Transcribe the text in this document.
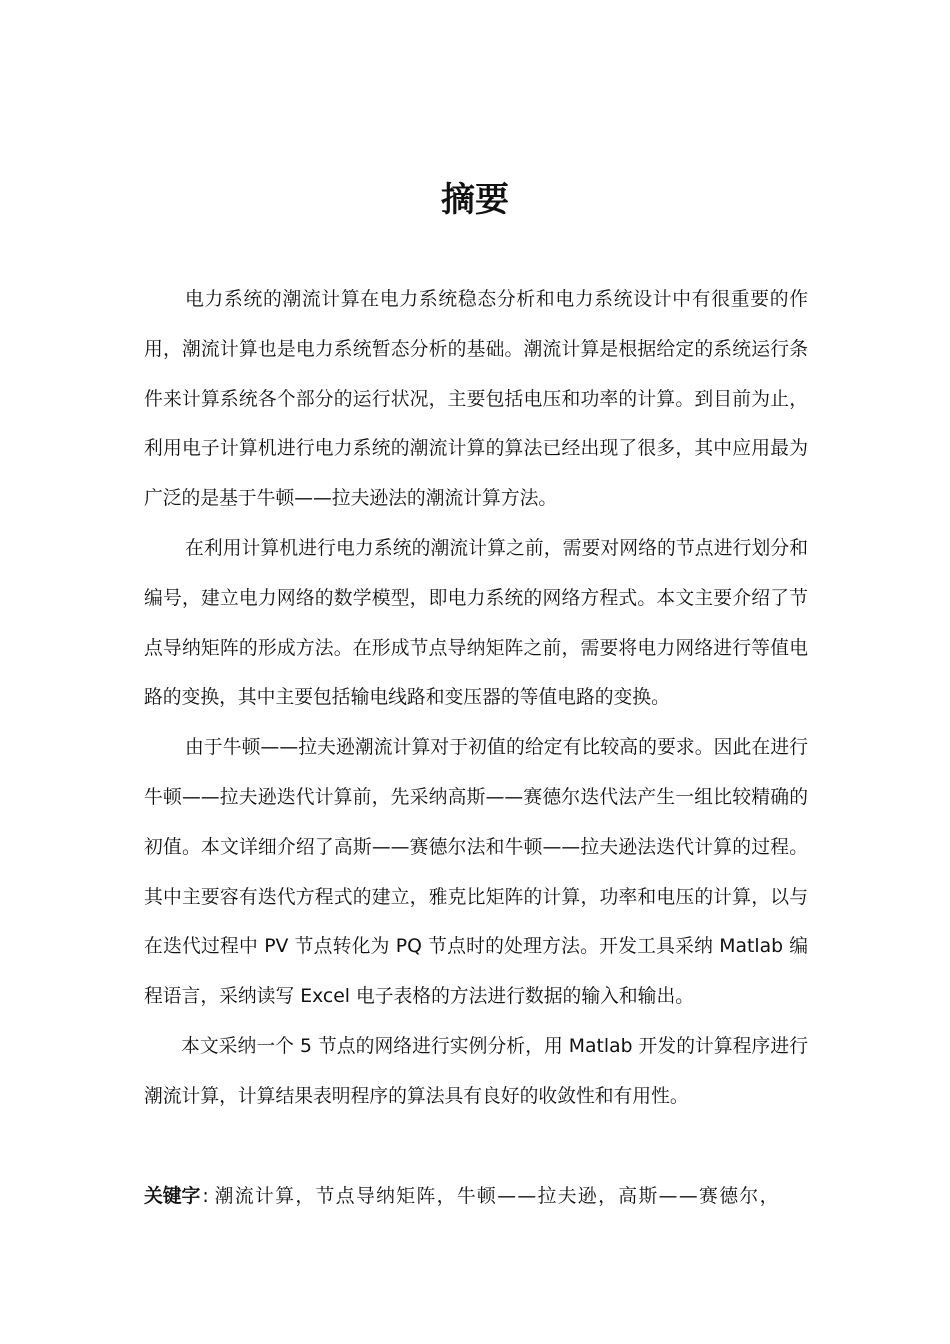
摘要

电力系统的潮流计算在电力系统稳态分析和电力系统设计中有很重要的作用，潮流计算也是电力系统暂态分析的基础。潮流计算是根据给定的系统运行条件来计算系统各个部分的运行状况，主要包括电压和功率的计算。到目前为止，利用电子计算机进行电力系统的潮流计算的算法已经出现了很多，其中应用最为广泛的是基于牛顿——拉夫逊法的潮流计算方法。

在利用计算机进行电力系统的潮流计算之前，需要对网络的节点进行划分和编号，建立电力网络的数学模型，即电力系统的网络方程式。本文主要介绍了节点导纳矩阵的形成方法。在形成节点导纳矩阵之前，需要将电力网络进行等值电路的变换，其中主要包括输电线路和变压器的等值电路的变换。

由于牛顿——拉夫逊潮流计算对于初值的给定有比较高的要求。因此在进行牛顿——拉夫逊迭代计算前，先采纳高斯——赛德尔迭代法产生一组比较精确的初值。本文详细介绍了高斯——赛德尔法和牛顿——拉夫逊法迭代计算的过程。其中主要容有迭代方程式的建立，雅克比矩阵的计算，功率和电压的计算，以与在迭代过程中 PV 节点转化为 PQ 节点时的处理方法。开发工具采纳 Matlab 编程语言，采纳读写 Excel 电子表格的方法进行数据的输入和输出。

本文采纳一个 5 节点的网络进行实例分析，用 Matlab 开发的计算程序进行潮流计算，计算结果表明程序的算法具有良好的收敛性和有用性。

关键字 : 潮流计算，节点导纳矩阵，牛顿——拉夫逊，高斯——赛德尔，
